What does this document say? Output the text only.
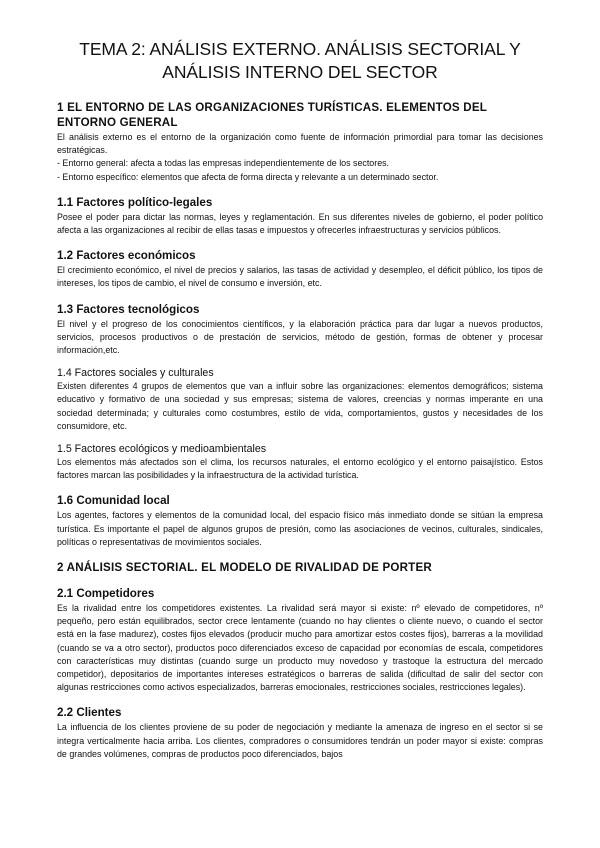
TEMA 2: ANÁLISIS EXTERNO. ANÁLISIS SECTORIAL Y ANÁLISIS INTERNO DEL SECTOR
1 EL ENTORNO DE LAS ORGANIZACIONES TURÍSTICAS. ELEMENTOS DEL ENTORNO GENERAL

El análisis externo es el entorno de la organización como fuente de información primordial para tomar las decisiones estratégicas.

- Entorno general: afecta a todas las empresas independientemente de los sectores.

- Entorno específico: elementos que afecta de forma directa y relevante a un determinado sector.

1.1 Factores político-legales

Posee el poder para dictar las normas, leyes y reglamentación. En sus diferentes niveles de gobierno, el poder político afecta a las organizaciones al recibir de ellas tasas e impuestos y ofrecerles infraestructuras y servicios públicos.

1.2 Factores económicos

El crecimiento económico, el nivel de precios y salarios, las tasas de actividad y desempleo, el déficit público, los tipos de intereses, los tipos de cambio, el nivel de consumo e inversión, etc.

1.3 Factores tecnológicos

El nivel y el progreso de los conocimientos científicos, y la elaboración práctica para dar lugar a nuevos productos, servicios, procesos productivos o de prestación de servicios, método de gestión, formas de obtener y procesar información,etc.

1.4 Factores sociales y culturales

Existen diferentes 4 grupos de elementos que van a influir sobre las organizaciones: elementos demográficos; sistema educativo y formativo de una sociedad y sus empresas; sistema de valores, creencias y normas imperante en una sociedad determinada; y culturales como costumbres, estilo de vida, comportamientos, gustos y necesidades de los consumidore, etc.

1.5 Factores ecológicos y medioambientales

Los elementos más afectados son el clima, los recursos naturales, el entorno ecológico y el entorno paisajístico. Estos factores marcan las posibilidades y la infraestructura de la actividad turística.

1.6 Comunidad local

Los agentes, factores y elementos de la comunidad local, del espacio físico más inmediato donde se sitúan la empresa turística. Es importante el papel de algunos grupos de presión, como las asociaciones de vecinos, culturales, sindicales, políticas o representativas de movimientos sociales.

2 ANÁLISIS SECTORIAL. EL MODELO DE RIVALIDAD DE PORTER
2.1 Competidores

Es la rivalidad entre los competidores existentes. La rivalidad será mayor si existe: nº elevado de competidores, nº pequeño, pero están equilibrados, sector crece lentamente (cuando no hay clientes o cliente nuevo, o cuando el sector está en la fase madurez), costes fijos elevados (producir mucho para amortizar estos costes fijos), barreras a la movilidad (cuando se va a otro sector), productos poco diferenciados exceso de capacidad por economías de escala, competidores con características muy distintas (cuando surge un producto muy novedoso y trastoque la estructura del mercado competidor), depositarios de importantes intereses estratégicos o barreras de salida (dificultad de salir del sector con algunas restricciones como activos especializados, barreras emocionales, restricciones sociales, restricciones legales).

2.2 Clientes

La influencia de los clientes proviene de su poder de negociación y mediante la amenaza de ingreso en el sector si se integra verticalmente hacia arriba. Los clientes, compradores o consumidores tendrán un poder mayor si existe: compras de grandes volúmenes, compras de productos poco diferenciados, bajos
